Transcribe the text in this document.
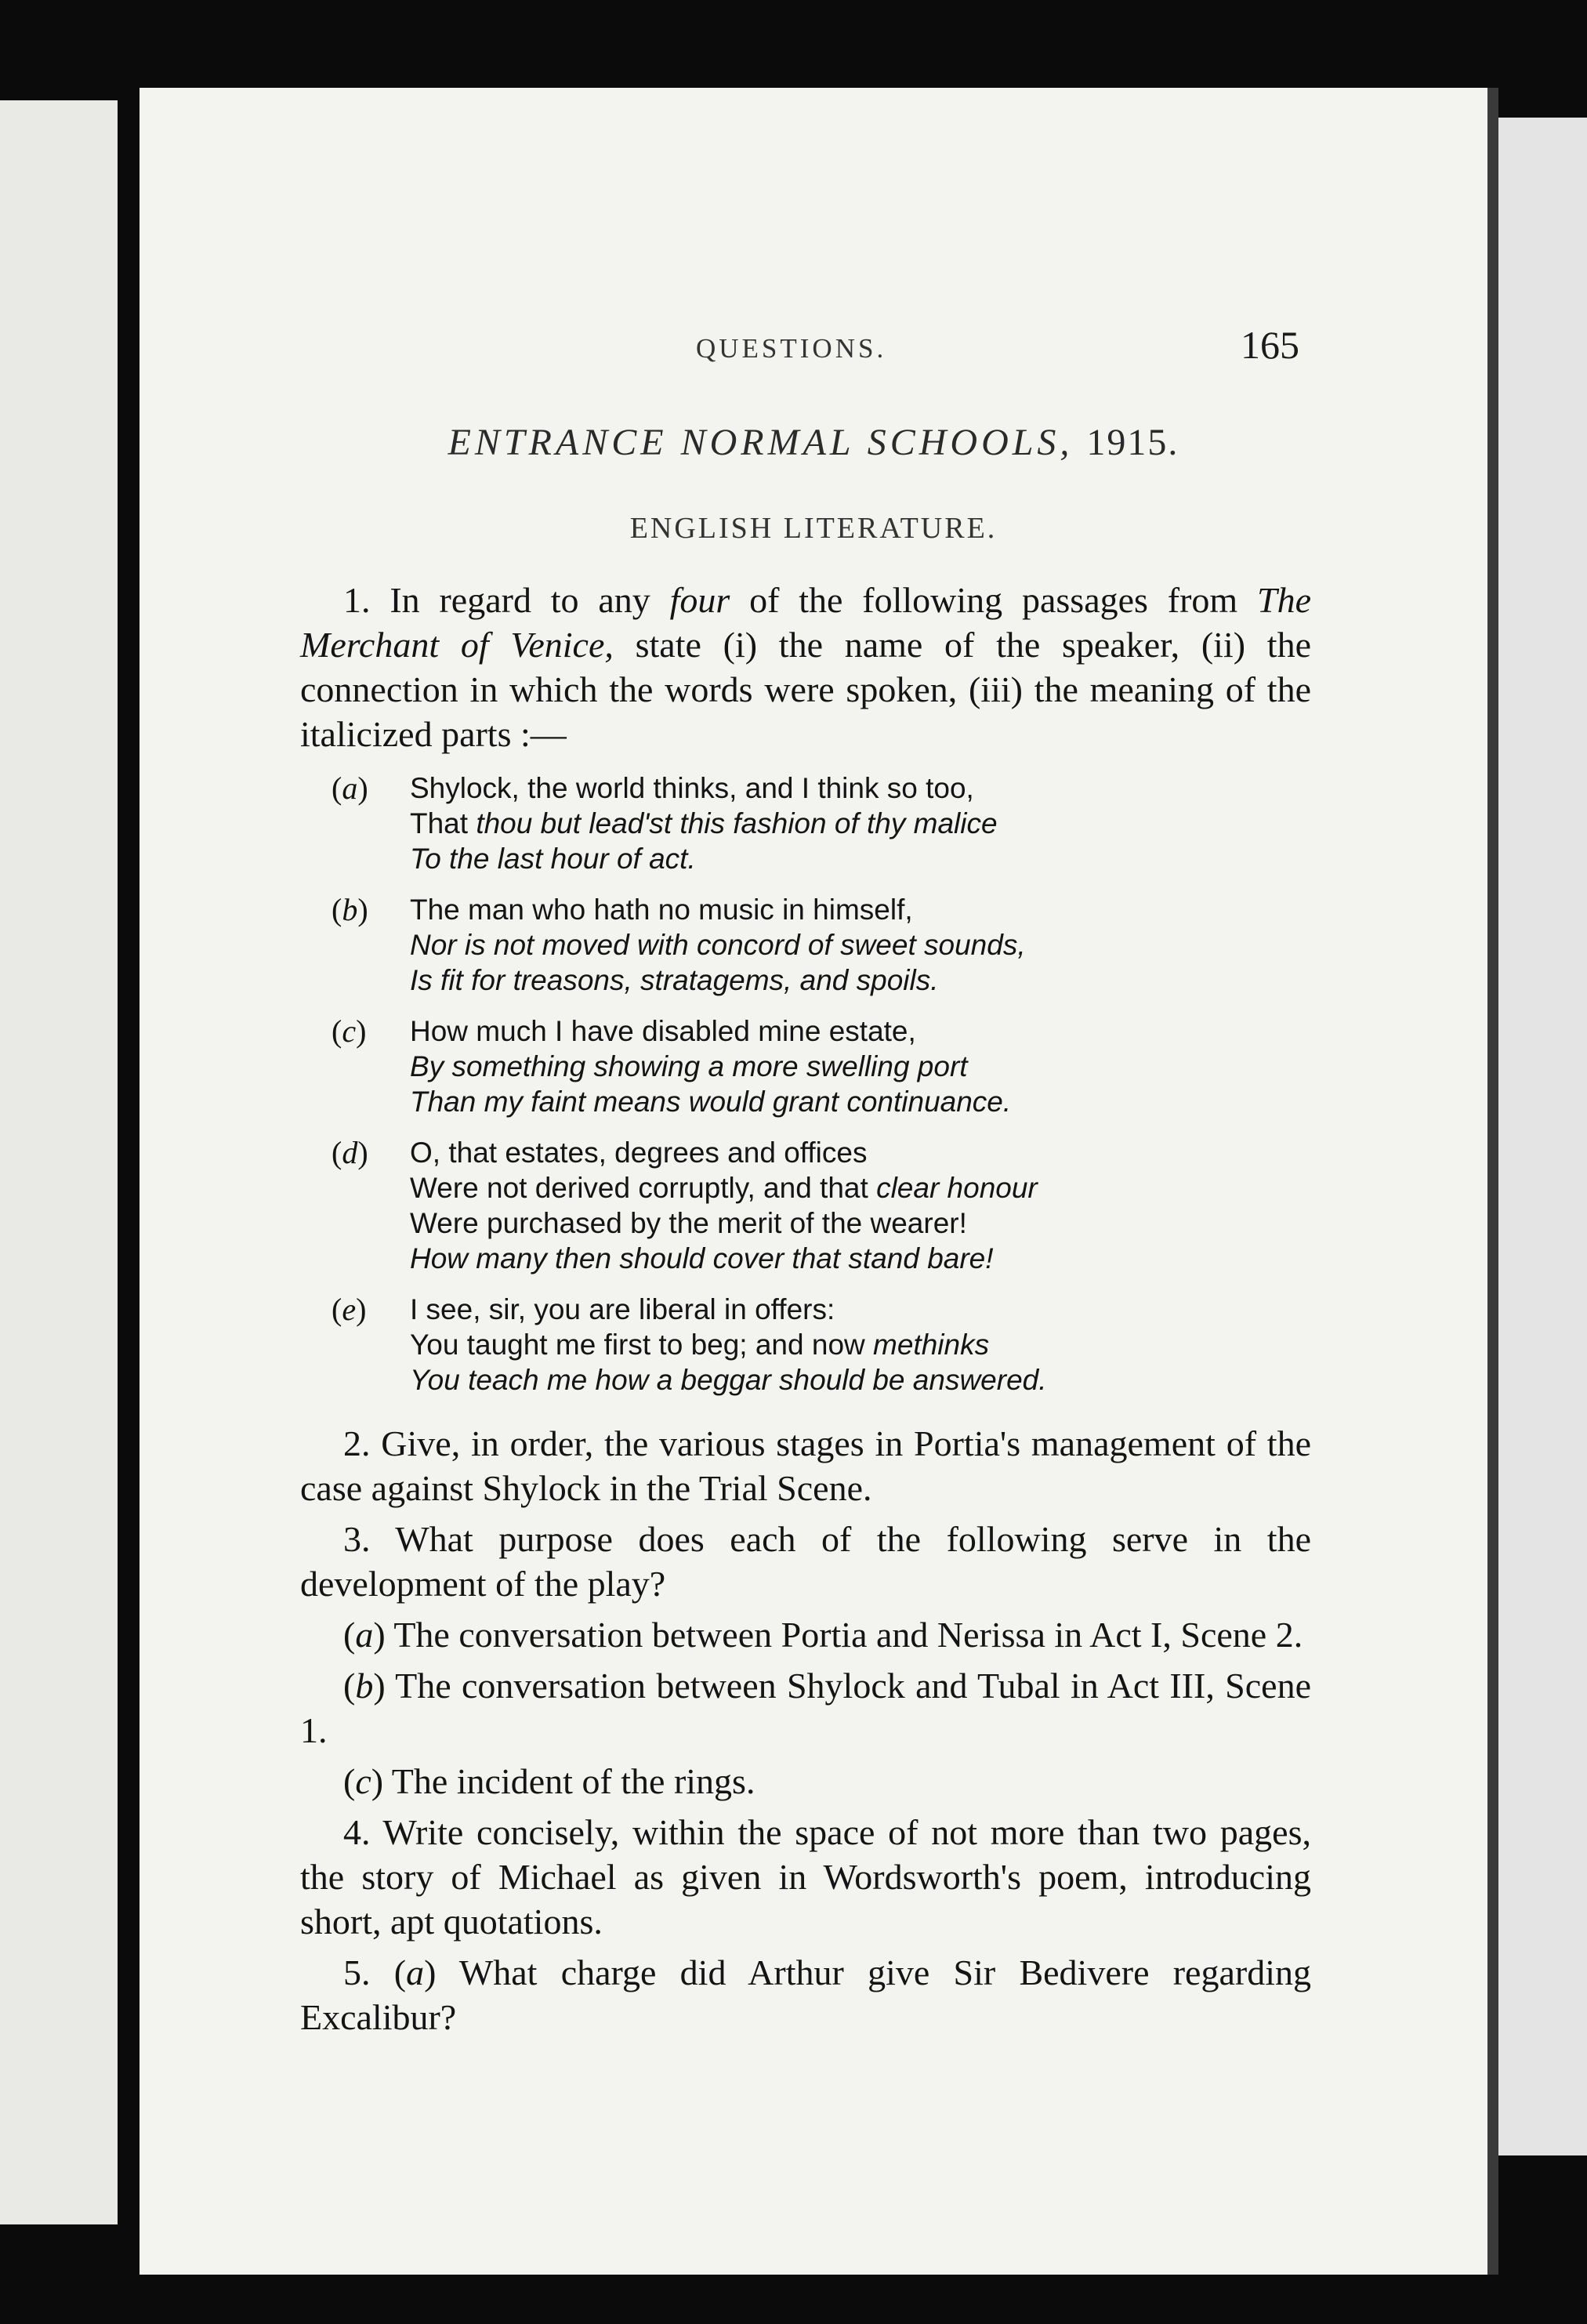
QUESTIONS.	165
ENTRANCE NORMAL SCHOOLS, 1915.
ENGLISH LITERATURE.

1. In regard to any four of the following passages from The Merchant of Venice, state (i) the name of the speaker, (ii) the connection in which the words were spoken, (iii) the meaning of the italicized parts :—

(a)	Shylock, the world thinks, and I think so too,
That thou but lead'st this fashion of thy malice
To the last hour of act.
(b)	The man who hath no music in himself,
Nor is not moved with concord of sweet sounds,
Is fit for treasons, stratagems, and spoils.
(c)	How much I have disabled mine estate,
By something showing a more swelling port
Than my faint means would grant continuance.
(d)	O, that estates, degrees and offices
Were not derived corruptly, and that clear honour
Were purchased by the merit of the wearer!
How many then should cover that stand bare!
(e)	I see, sir, you are liberal in offers:
You taught me first to beg; and now methinks
You teach me how a beggar should be answered.

2. Give, in order, the various stages in Portia's management of the case against Shylock in the Trial Scene.

3. What purpose does each of the following serve in the development of the play?

(a) The conversation between Portia and Nerissa in Act I, Scene 2.

(b) The conversation between Shylock and Tubal in Act III, Scene 1.

(c) The incident of the rings.

4. Write concisely, within the space of not more than two pages, the story of Michael as given in Wordsworth's poem, introducing short, apt quotations.

5. (a) What charge did Arthur give Sir Bedivere regarding Excalibur?
